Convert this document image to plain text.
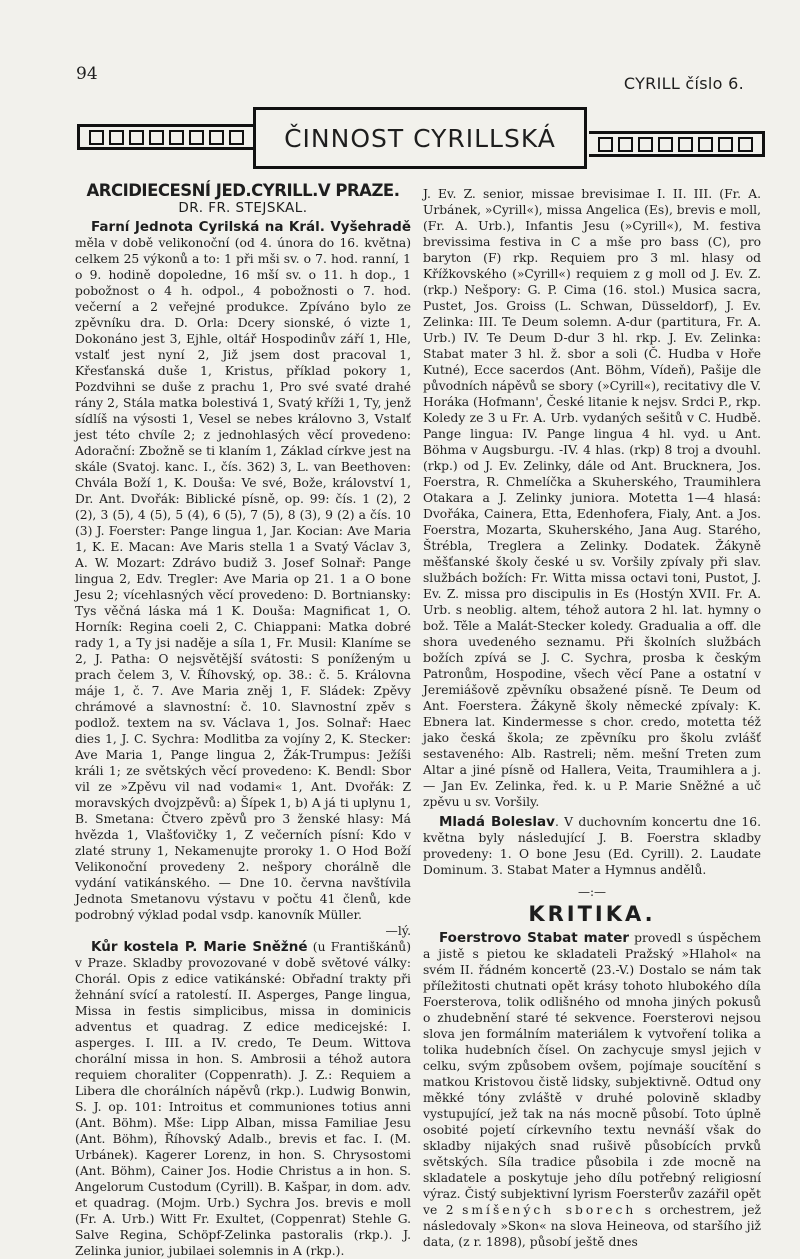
94	CYRILL číslo 6.
ČINNOST CYRILLSKÁ
ARCIDIECESNÍ JED.CYRILL.V PRAZE.
DR. FR. STEJSKAL.

Farní Jednota Cyrilská na Král. Vyšehradě měla v době velikonoční (od 4. února do 16. května) celkem 25 výkonů a to: 1 při mši sv. o 7. hod. ranní, 1 o 9. hodině dopoledne, 16 mší sv. o 11. h dop., 1 pobožnost o 4 h. odpol., 4 pobožnosti o 7. hod. večerní a 2 veřejné produkce. Zpíváno bylo ze zpěvníku dra. D. Orla: Dcery sionské, ó vizte 1, Dokonáno jest 3, Ejhle, oltář Hospodinův září 1, Hle, vstalť jest nyní 2, Již jsem dost pracoval 1, Křesťanská duše 1, Kristus, příklad pokory 1, Pozdvihni se duše z prachu 1, Pro své svaté drahé rány 2, Stála matka bolestivá 1, Svatý kříži 1, Ty, jenž sídlíš na výsosti 1, Vesel se nebes královno 3, Vstalť jest této chvíle 2; z jednohlasých věcí provedeno: Adorační: Zbožně se ti klaním 1, Základ církve jest na skále (Svatoj. kanc. I., čís. 362) 3, L. van Beethoven: Chvála Boží 1, K. Douša: Ve své, Bože, království 1, Dr. Ant. Dvořák: Biblické písně, op. 99: čís. 1 (2), 2 (2), 3 (5), 4 (5), 5 (4), 6 (5), 7 (5), 8 (3), 9 (2) a čís. 10 (3) J. Foerster: Pange lingua 1, Jar. Kocian: Ave Maria 1, K. E. Macan: Ave Maris stella 1 a Svatý Václav 3, A. W. Mozart: Zdrávo budiž 3. Josef Solnař: Pange lingua 2, Edv. Tregler: Ave Maria op 21. 1 a O bone Jesu 2; vícehlasných věcí provedeno: D. Bortniansky: Tys věčná láska má 1 K. Douša: Magnificat 1, O. Horník: Regina coeli 2, C. Chiappani: Matka dobré rady 1, a Ty jsi naděje a síla 1, Fr. Musil: Klaníme se 2, J. Patha: O nejsvětější svátosti: S poníženým u prach čelem 3, V. Říhovský, op. 38.: č. 5. Královna máje 1, č. 7. Ave Maria zněj 1, F. Sládek: Zpěvy chrámové a slavnostní: č. 10. Slavnostní zpěv s podlož. textem na sv. Václava 1, Jos. Solnař: Haec dies 1, J. C. Sychra: Modlitba za vojíny 2, K. Stecker: Ave Maria 1, Pange lingua 2, Žák-Trumpus: Ježíši králi 1; ze světských věcí provedeno: K. Bendl: Sbor vil ze »Zpěvu vil nad vodami« 1, Ant. Dvořák: Z moravských dvojzpěvů: a) Šípek 1, b) A já ti uplynu 1, B. Smetana: Čtvero zpěvů pro 3 ženské hlasy: Má hvězda 1, Vlašťovičky 1, Z večerních písní: Kdo v zlaté struny 1, Nekamenujte proroky 1. O Hod Boží Velikonoční provedeny 2. nešpory chorálně dle vydání vatikánského. — Dne 10. června navštívila Jednota Smetanovu výstavu v počtu 41 členů, kde podrobný výklad podal vsdp. kanovník Müller.
—lý.

Kůr kostela P. Marie Sněžné (u Františkánů) v Praze. Skladby provozované v době světové války: Chorál. Opis z edice vatikánské: Obřadní trakty při žehnání svící a ratolestí. II. Asperges, Pange lingua, Missa in festis simplicibus, missa in dominicis adventus et quadrag. Z edice medicejské: I. asperges. I. III. a IV. credo, Te Deum. Wittova chorální missa in hon. S. Ambrosii a téhož autora requiem choraliter (Coppenrath). J. Z.: Requiem a Libera dle chorálních nápěvů (rkp.). Ludwig Bonwin, S. J. op. 101: Introitus et communiones totius anni (Ant. Böhm). Mše: Lipp Alban, missa Familiae Jesu (Ant. Böhm), Říhovský Adalb., brevis et fac. I. (M. Urbánek). Kagerer Lorenz, in hon. S. Chrysostomi (Ant. Böhm), Cainer Jos. Hodie Christus a in hon. S. Angelorum Custodum (Cyrill). B. Kašpar, in dom. adv. et quadrag. (Mojm. Urb.) Sychra Jos. brevis e moll (Fr. A. Urb.) Witt Fr. Exultet, (Coppenrat) Stehle G. Salve Regina, Schöpf-Zelinka pastoralis (rkp.). J. Zelinka junior, jubilaei solemnis in A (rkp.).

J. Ev. Z. senior, missae brevisimae I. II. III. (Fr. A. Urbánek, »Cyrill«), missa Angelica (Es), brevis e moll, (Fr. A. Urb.), Infantis Jesu (»Cyrill«), M. festiva brevissima festiva in C a mše pro bass (C), pro baryton (F) rkp. Requiem pro 3 ml. hlasy od Křížkovského (»Cyrill«) requiem z g moll od J. Ev. Z. (rkp.) Nešpory: G. P. Cima (16. stol.) Musica sacra, Pustet, Jos. Groiss (L. Schwan, Düsseldorf), J. Ev. Zelinka: III. Te Deum solemn. A-dur (partitura, Fr. A. Urb.) IV. Te Deum D-dur 3 hl. rkp. J. Ev. Zelinka: Stabat mater 3 hl. ž. sbor a soli (Č. Hudba v Hoře Kutné), Ecce sacerdos (Ant. Böhm, Vídeň), Pašije dle původních nápěvů se sbory (»Cyrill«), recitativy dle V. Horáka (Hofmann', České litanie k nejsv. Srdci P., rkp. Koledy ze 3 u Fr. A. Urb. vydaných sešitů v C. Hudbě. Pange lingua: IV. Pange lingua 4 hl. vyd. u Ant. Böhma v Augsburgu. -IV. 4 hlas. (rkp) 8 troj a dvouhl. (rkp.) od J. Ev. Zelinky, dále od Ant. Brucknera, Jos. Foerstra, R. Chmelíčka a Skuherského, Traumihlera Otakara a J. Zelinky juniora. Motetta 1—4 hlasá: Dvořáka, Cainera, Etta, Edenhofera, Fialy, Ant. a Jos. Foerstra, Mozarta, Skuherského, Jana Aug. Starého, Štrébla, Treglera a Zelinky. Dodatek. Žákyně měšťanské školy české u sv. Voršily zpívaly při slav. službách božích: Fr. Witta missa octavi toni, Pustot, J. Ev. Z. missa pro discipulis in Es (Hostýn XVII. Fr. A. Urb. s neoblig. altem, téhož autora 2 hl. lat. hymny o bož. Těle a Malát-Stecker koledy. Gradualia a off. dle shora uvedeného seznamu. Při školních službách božích zpívá se J. C. Sychra, prosba k českým Patronům, Hospodine, všech věcí Pane a ostatní v Jeremiášově zpěvníku obsažené písně. Te Deum od Ant. Foerstera. Žákyně školy německé zpívaly: K. Ebnera lat. Kindermesse s chor. credo, motetta též jako česká škola; ze zpěvníku pro školu zvlášť sestaveného: Alb. Rastreli; něm. mešní Treten zum Altar a jiné písně od Hallera, Veita, Traumihlera a j. — Jan Ev. Zelinka, řed. k. u P. Marie Sněžné a uč zpěvu u sv. Voršily.

Mladá Boleslav. V duchovním koncertu dne 16. května byly následující J. B. Foerstra skladby provedeny: 1. O bone Jesu (Ed. Cyrill). 2. Laudate Dominum. 3. Stabat Mater a Hymnus andělů.

—:—
KRITIKA.

Foerstrovo Stabat mater provedl s úspěchem a jistě s pietou ke skladateli Pražský »Hlahol« na svém II. řádném koncertě (23.-V.) Dostalo se nám tak příležitosti chutnati opět krásy tohoto hlubokého díla Foersterova, tolik odlišného od mnoha jiných pokusů o zhudebnění staré té sekvence. Foersterovi nejsou slova jen formálním materiálem k vytvoření tolika a tolika hudebních čísel. On zachycuje smysl jejich v celku, svým způsobem ovšem, pojímaje soucítění s matkou Kristovou čistě lidsky, subjektivně. Odtud ony měkké tóny zvláště v druhé polovině skladby vystupující, jež tak na nás mocně působí. Toto úplně osobité pojetí církevního textu nevnáší však do skladby nijakých snad rušivě působících prvků světských. Síla tradice působila i zde mocně na skladatele a poskytuje jeho dílu potřebný religiosní výraz. Čistý subjektivní lyrism Foersterův zazářil opět ve 2 smíšených sborech s orchestrem, jež následovaly »Skon« na slova Heineova, od staršího již data, (z r. 1898), působí ještě dnes
